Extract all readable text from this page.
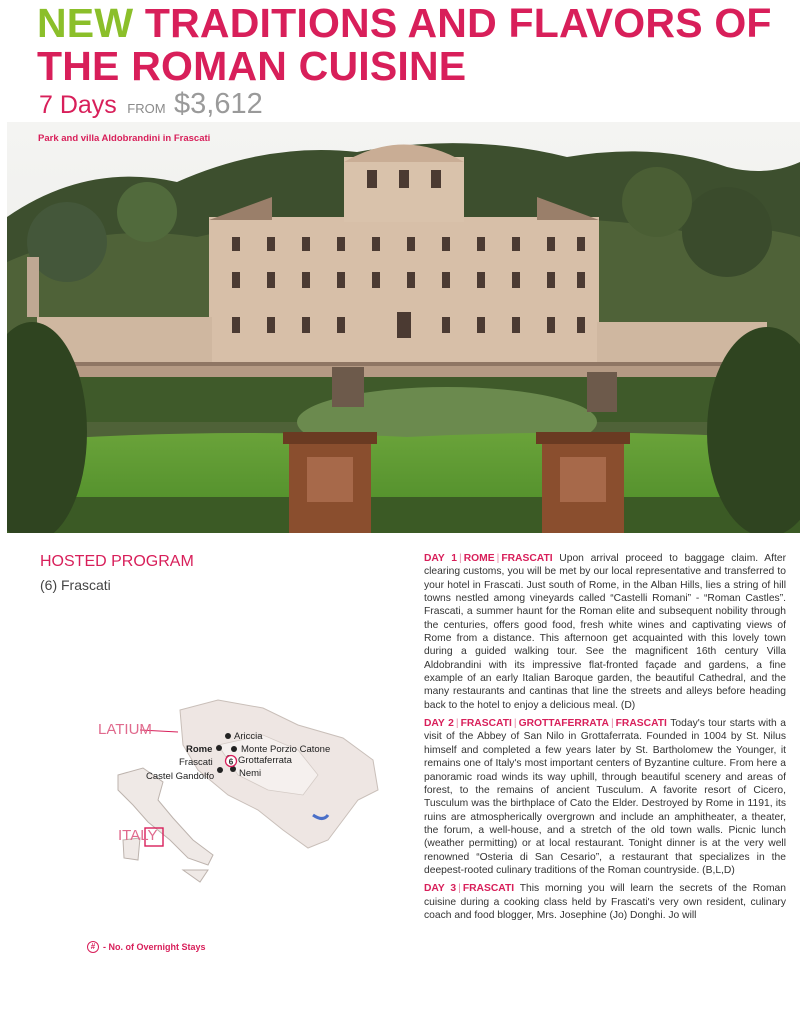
NEW TRADITIONS AND FLAVORS OF
THE ROMAN CUISINE
7 Days FROM $3,612
Park and villa Aldobrandini in Frascati
HOSTED PROGRAM
(6) Frascati
LATIUM
ITALY
6
Ariccia
Rome	Monte Porzio Catone
Frascati	Grottaferrata
Castel Gandolfo	Nemi
# - No. of Overnight Stays

DAY 1 | ROME | FRASCATI Upon arrival proceed to baggage claim. After clearing customs, you will be met by our local representative and transferred to your hotel in Frascati. Just south of Rome, in the Alban Hills, lies a string of hill towns nestled among vineyards called “Castelli Romani” - “Roman Castles”. Frascati, a summer haunt for the Roman elite and subsequent nobility through the centuries, offers good food, fresh white wines and captivating views of Rome from a distance. This afternoon get acquainted with this lovely town during a guided walking tour. See the magnificent 16th century Villa Aldobrandini with its impressive flat-fronted façade and gardens, a fine example of an early Italian Baroque garden, the beautiful Cathedral, and the many restaurants and cantinas that line the streets and alleys before heading back to the hotel to enjoy a delicious meal. (D)

DAY 2 | FRASCATI | GROTTAFERRATA | FRASCATI Today's tour starts with a visit of the Abbey of San Nilo in Grottaferrata. Founded in 1004 by St. Nilus himself and completed a few years later by St. Bartholomew the Younger, it remains one of Italy's most important centers of Byzantine culture. From here a panoramic road winds its way uphill, through beautiful scenery and areas of forest, to the remains of ancient Tusculum. A favorite resort of Cicero, Tusculum was the birthplace of Cato the Elder. Destroyed by Rome in 1191, its ruins are atmospherically overgrown and include an amphitheater, a theater, the forum, a well-house, and a stretch of the old town walls. Picnic lunch (weather permitting) or at local restaurant. Tonight dinner is at the very well renowned “Osteria di San Cesario”, a restaurant that specializes in the deepest-rooted culinary traditions of the Roman countryside. (B,L,D)

DAY 3 | FRASCATI This morning you will learn the secrets of the Roman cuisine during a cooking class held by Frascati's very own resident, culinary coach and food blogger, Mrs. Josephine (Jo) Donghi. Jo will
